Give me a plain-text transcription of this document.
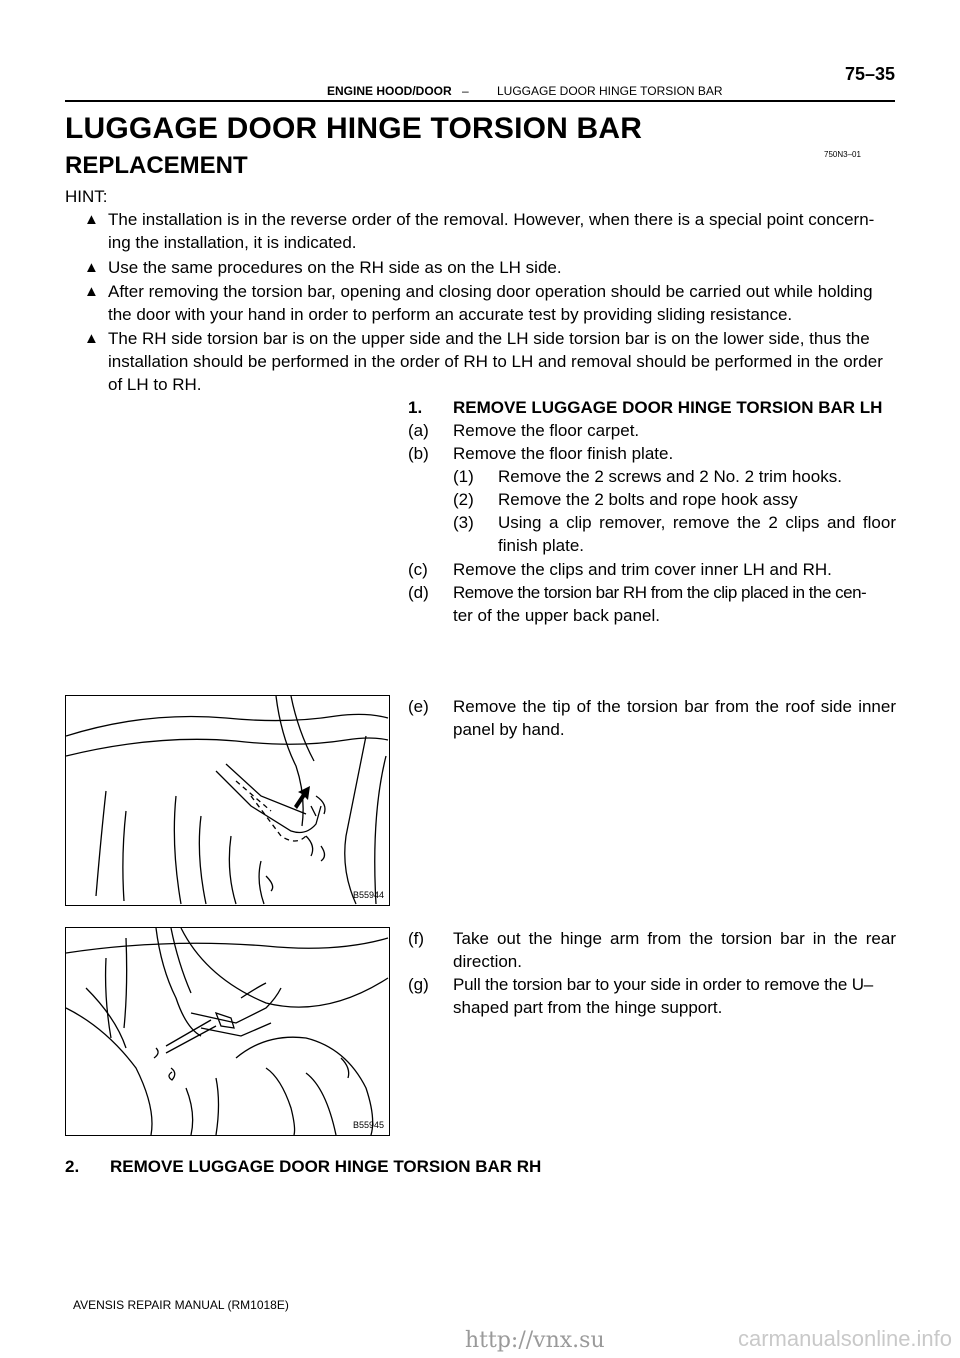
ENGINE HOOD/DOOR – LUGGAGE DOOR HINGE TORSION BAR
75–35
LUGGAGE DOOR HINGE TORSION BAR
REPLACEMENT	750N3–01
HINT:
▲ The installation is in the reverse order of the removal. However, when there is a special point concern-
ing the installation, it is indicated.
▲ Use the same procedures on the RH side as on the LH side.
▲ After removing the torsion bar, opening and closing door operation should be carried out while holding
the door with your hand in order to perform an accurate test by providing sliding resistance.
▲ The RH side torsion bar is on the upper side and the LH side torsion bar is on the lower side, thus the
installation should be performed in the order of RH to LH and removal should be performed in the order
of LH to RH.
1. REMOVE LUGGAGE DOOR HINGE TORSION BAR LH
(a) Remove the floor carpet.
(b) Remove the floor finish plate.
(1) Remove the 2 screws and 2 No. 2 trim hooks.
(2) Remove the 2 bolts and rope hook assy
(3) Using a clip remover, remove the 2 clips and floor
finish plate.
(c) Remove the clips and trim cover inner LH and RH.
(d) Remove the torsion bar RH from the clip placed in the cen-
ter of the upper back panel.
B55944
(e) Remove the tip of the torsion bar from the roof side inner
panel by hand.
B55945
(f) Take out the hinge arm from the torsion bar in the rear
direction.
(g) Pull the torsion bar to your side in order to remove the U–
shaped part from the hinge support.
2. REMOVE LUGGAGE DOOR HINGE TORSION BAR RH
AVENSIS REPAIR MANUAL (RM1018E)
http://vnx.su	carmanualsonline.info
